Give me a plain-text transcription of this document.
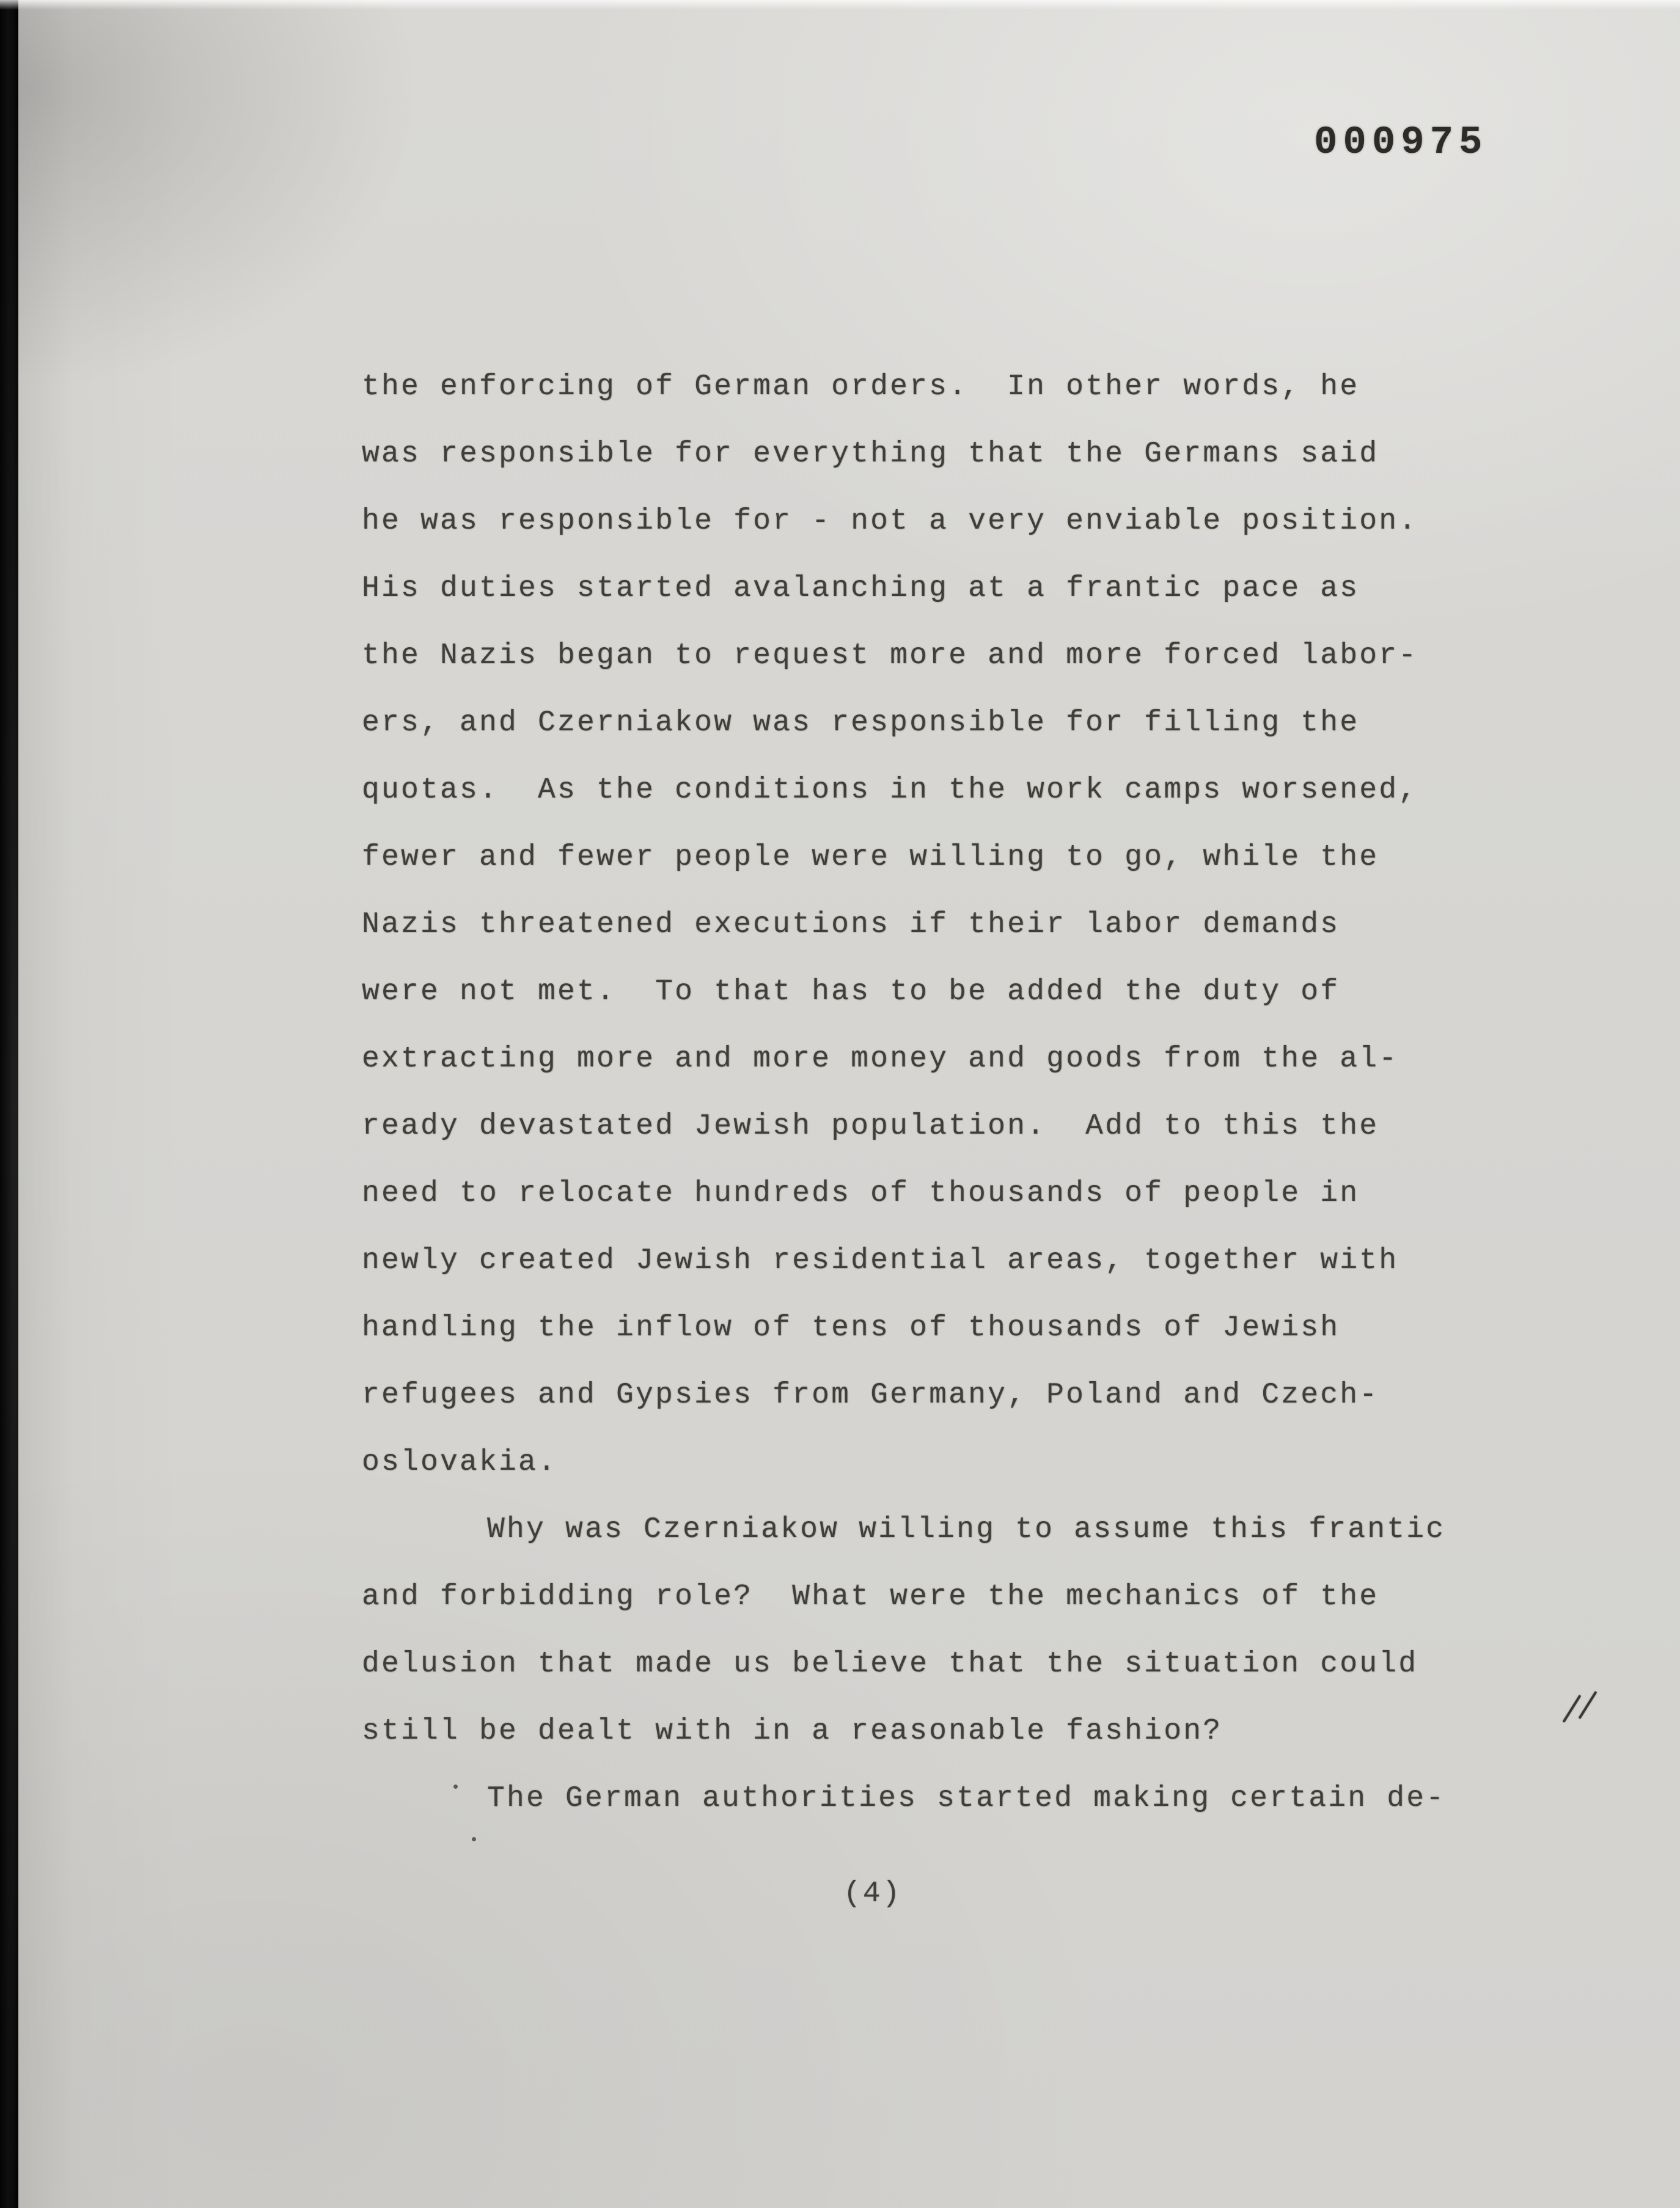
000975
the enforcing of German orders.  In other words, he
was responsible for everything that the Germans said
he was responsible for - not a very enviable position.
His duties started avalanching at a frantic pace as
the Nazis began to request more and more forced labor-
ers, and Czerniakow was responsible for filling the
quotas.  As the conditions in the work camps worsened,
fewer and fewer people were willing to go, while the
Nazis threatened executions if their labor demands
were not met.  To that has to be added the duty of
extracting more and more money and goods from the al-
ready devastated Jewish population.  Add to this the
need to relocate hundreds of thousands of people in
newly created Jewish residential areas, together with
handling the inflow of tens of thousands of Jewish
refugees and Gypsies from Germany, Poland and Czech-
oslovakia.
Why was Czerniakow willing to assume this frantic
and forbidding role?  What were the mechanics of the
delusion that made us believe that the situation could
still be dealt with in a reasonable fashion?
The German authorities started making certain de-
(4)
